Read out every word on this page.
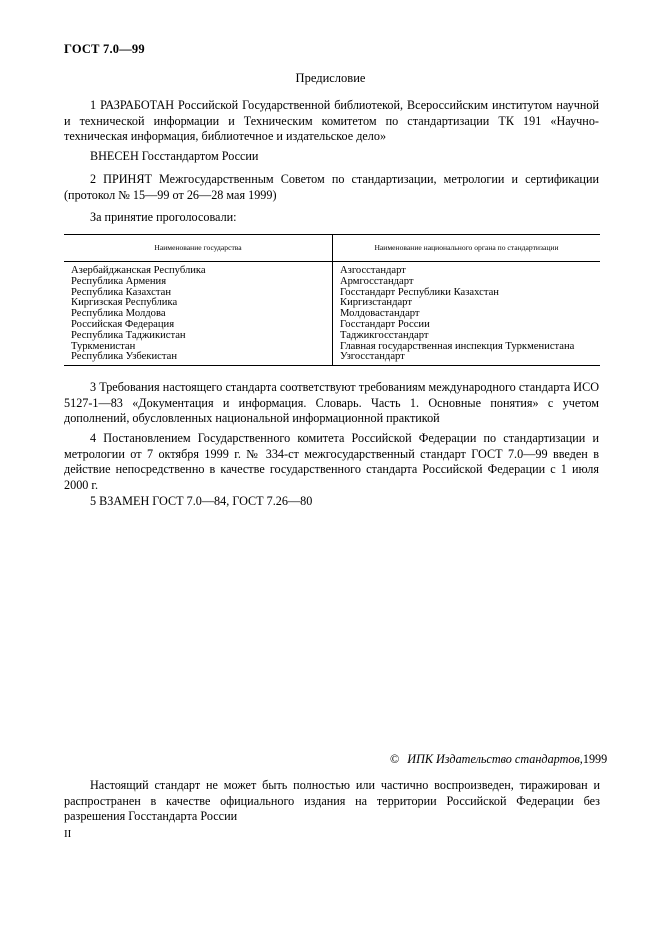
ГОСТ 7.0—99
Предисловие
1 РАЗРАБОТАН Российской Государственной библиотекой, Всероссийским институтом научной и технической информации и Техническим комитетом по стандартизации ТК 191 «Научно-техническая информация, библиотечное и издательское дело»
ВНЕСЕН Госстандартом России
2 ПРИНЯТ Межгосударственным Советом по стандартизации, метрологии и сертификации (протокол № 15—99 от 26—28 мая 1999)
За принятие проголосовали:
Наименование государства	Наименование национального органа по стандартизации
Азербайджанская Республика	Азгосстандарт
Республика Армения	Армгосстандарт
Республика Казахстан	Госстандарт Республики Казахстан
Киргизская Республика	Киргизстандарт
Республика Молдова	Молдовастандарт
Российская Федерация	Госстандарт России
Республика Таджикистан	Таджикгосстандарт
Туркменистан	Главная государственная инспекция Туркменистана
Республика Узбекистан	Узгосстандарт
3 Требования настоящего стандарта соответствуют требованиям международного стандарта ИСО 5127-1—83 «Документация и информация. Словарь. Часть 1. Основные понятия» с учетом дополнений, обусловленных национальной информационной практикой
4 Постановлением Государственного комитета Российской Федерации по стандартизации и метрологии от 7 октября 1999 г. № 334-ст межгосударственный стандарт ГОСТ 7.0—99 введен в действие непосредственно в качестве государственного стандарта Российской Федерации с 1 июля 2000 г.
5 ВЗАМЕН ГОСТ 7.0—84, ГОСТ 7.26—80
© ИПК Издательство стандартов,1999
Настоящий стандарт не может быть полностью или частично воспроизведен, тиражирован и распространен в качестве официального издания на территории Российской Федерации без разрешения Госстандарта России
II
